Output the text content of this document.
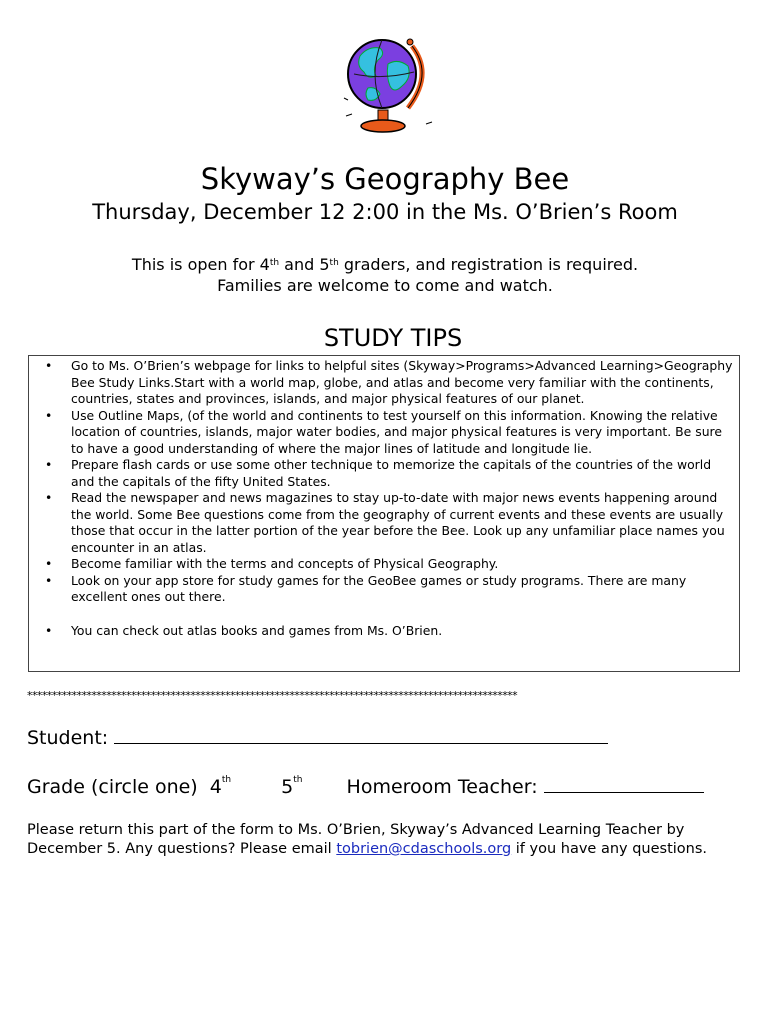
Skyway’s Geography Bee
Thursday, December 12 2:00 in the Ms. O’Brien’s Room
This is open for 4th and 5th graders, and registration is required.
Families are welcome to come and watch.
STUDY TIPS
• Go to Ms. O’Brien’s webpage for links to helpful sites (Skyway>Programs>Advanced Learning>Geography Bee Study Links.Start with a world map, globe, and atlas and become very familiar with the continents, countries, states and provinces, islands, and major physical features of our planet.
• Use Outline Maps, (of the world and continents to test yourself on this information. Knowing the relative location of countries, islands, major water bodies, and major physical features is very important. Be sure to have a good understanding of where the major lines of latitude and longitude lie.
• Prepare flash cards or use some other technique to memorize the capitals of the countries of the world and the capitals of the fifty United States.
• Read the newspaper and news magazines to stay up-to-date with major news events happening around the world. Some Bee questions come from the geography of current events and these events are usually those that occur in the latter portion of the year before the Bee. Look up any unfamiliar place names you encounter in an atlas.
• Become familiar with the terms and concepts of Physical Geography.
• Look on your app store for study games for the GeoBee games or study programs. There are many excellent ones out there.
• You can check out atlas books and games from Ms. O’Brien.
***************************************************************************************************
Student:
Grade (circle one) 4th	5th Homeroom Teacher:
Please return this part of the form to Ms. O’Brien, Skyway’s Advanced Learning Teacher by December 5. Any questions? Please email tobrien@cdaschools.org if you have any questions.
